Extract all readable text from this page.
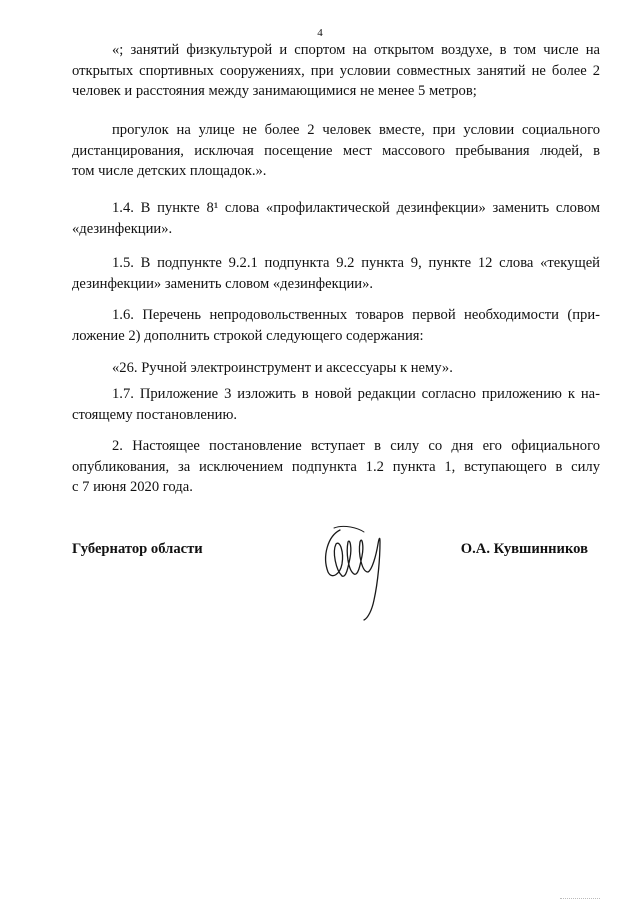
4
«; занятий физкультурой и спортом на открытом воздухе, в том числе на
открытых спортивных сооружениях, при условии совместных занятий не более 2
человек и расстояния между занимающимися не менее 5 метров;
прогулок на улице не более 2 человек вместе, при условии социального
дистанцирования, исключая посещение мест массового пребывания людей, в
том числе детских площадок.».
1.4. В пункте 8¹ слова «профилактической дезинфекции» заменить словом
«дезинфекции».
1.5. В подпункте 9.2.1 подпункта 9.2 пункта 9, пункте 12 слова «текущей
дезинфекции» заменить словом «дезинфекции».
1.6. Перечень непродовольственных товаров первой необходимости (при-
ложение 2) дополнить строкой следующего содержания:
«26. Ручной электроинструмент и аксессуары к нему».
1.7. Приложение 3 изложить в новой редакции согласно приложению к на-
стоящему постановлению.
2. Настоящее постановление вступает в силу со дня его официального
опубликования, за исключением подпункта 1.2 пункта 1, вступающего в силу
с 7 июня 2020 года.
Губернатор области	О.А. Кувшинников
